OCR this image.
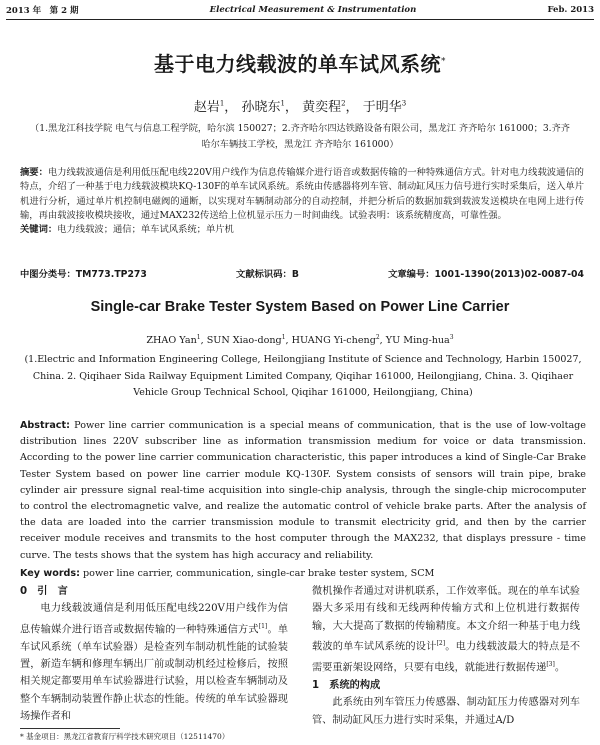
2013 年　第 2 期	Electrical Measurement & Instrumentation	Feb. 2013
基于电力线载波的单车试风系统*
赵岩$^1$， 孙晓东$^1$， 黄奕程$^2$， 于明华$^3$
（1.黑龙江科技学院 电气与信息工程学院，哈尔滨 150027；2.齐齐哈尔四达铁路设备有限公司，黑龙江 齐齐哈尔 161000；3.齐齐哈尔车辆技工学校，黑龙江 齐齐哈尔 161000）
摘要：电力线载波通信是利用低压配电线220V用户线作为信息传输媒介进行语音或数据传输的一种特殊通信方式。针对电力线载波通信的特点，介绍了一种基于电力线载波模块KQ-130F的单车试风系统。系统由传感器将列车管、制动缸风压力信号进行实时采集后，送入单片机进行分析，通过单片机控制电磁阀的通断，以实现对车辆制动部分的自动控制，并把分析后的数据加载到载波发送模块在电网上进行传输，再由载波接收模块接收，通过MAX232传送给上位机显示压力－时间曲线。试验表明：该系统精度高，可靠性强。
关键词：电力线载波；通信；单车试风系统；单片机
中图分类号：TM773.TP273	文献标识码：B	文章编号：1001-1390(2013)02-0087-04
Single-car Brake Tester System Based on Power Line Carrier
ZHAO Yan$^1$, SUN Xiao-dong$^1$, HUANG Yi-cheng$^2$, YU Ming-hua$^3$
(1.Electric and Information Engineering College, Heilongjiang Institute of Science and Technology, Harbin 150027, China. 2. Qiqihaer Sida Railway Equipment Limited Company, Qiqihar 161000, Heilongjiang, China. 3. Qiqihaer Vehicle Group Technical School, Qiqihar 161000, Heilongjiang, China)
Abstract: Power line carrier communication is a special means of communication, that is the use of low-voltage distribution lines 220V subscriber line as information transmission medium for voice or data transmission. According to the power line carrier communication characteristic, this paper introduces a kind of Single-Car Brake Tester System based on power line carrier module KQ-130F. System consists of sensors will train pipe, brake cylinder air pressure signal real-time acquisition into single-chip analysis, through the single-chip microcomputer to control the electromagnetic valve, and realize the automatic control of vehicle brake parts. After the analysis of the data are loaded into the carrier transmission module to transmit electricity grid, and then by the carrier receiver module receives and transmits to the host computer through the MAX232, that displays pressure - time curve. The tests shows that the system has high accuracy and reliability.
Key words: power line carrier, communication, single-car brake tester system, SCM
0　引　言
电力线载波通信是利用低压配电线220V用户线作为信息传输媒介进行语音或数据传输的一种特殊通信方式[1]。单车试风系统（单车试验器）是检查列车制动机性能的试验装置，新造车辆和修理车辆出厂前或制动机经过检修后，按照相关规定都要用单车试验器进行试验，用以检查车辆制动及整个车辆制动装置作静止状态的性能。传统的单车试验器现场操作者和
微机操作者通过对讲机联系，工作效率低。现在的单车试验器大多采用有线和无线两种传输方式和上位机进行数据传输，大大提高了数据的传输精度。本文介绍一种基于电力线载波的单车试风系统的设计[2]。电力线载波最大的特点是不需要重新架设网络，只要有电线，就能进行数据传递[3]。
1　系统的构成
此系统由列车管压力传感器、制动缸压力传感器对列车管、制动缸风压力进行实时采集，并通过A/D
* 基金项目：黑龙江省教育厅科学技术研究项目（12511470）
